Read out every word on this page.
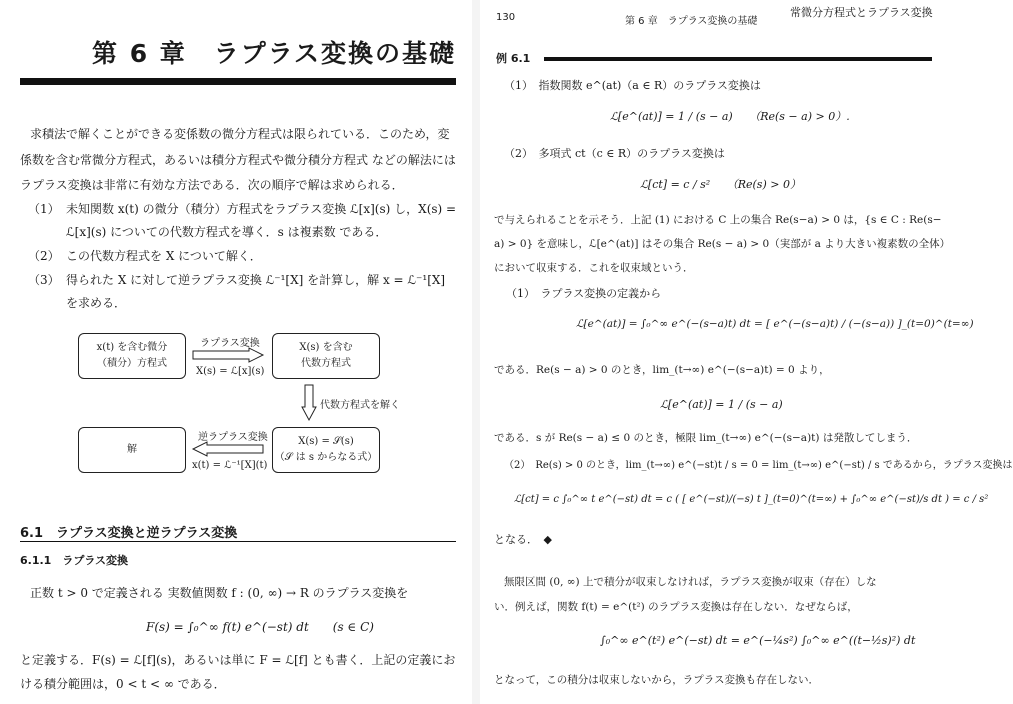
第 6 章　ラプラス変換の基礎
求積法で解くことができる変係数の微分方程式は限られている．このため，変
係数を含む常微分方程式，あるいは積分方程式や微分積分方程式 などの解法には
ラプラス変換は非常に有効な方法である．次の順序で解は求められる．
（1） 未知関数 x(t) の微分（積分）方程式をラプラス変換 ℒ[x](s) し，X(s) =
ℒ[x](s) についての代数方程式を導く．s は複素数 である．
（2） この代数方程式を X について解く．
（3） 得られた X に対して逆ラプラス変換 ℒ⁻¹[X] を計算し，解 x = ℒ⁻¹[X]
を求める．
x(t) を含む微分
（積分）方程式
X(s) を含む
代数方程式
解
X(s) = 𝒮(s)
（𝒮 は s からなる式）
ラプラス変換
X(s) = ℒ[x](s)
代数方程式を解く
逆ラプラス変換
x(t) = ℒ⁻¹[X](t)
6.1　ラプラス変換と逆ラプラス変換
6.1.1　ラプラス変換
正数 t > 0 で定義される 実数値関数 f : (0, ∞) → R のラプラス変換を
F(s) = ∫₀^∞ f(t) e^(−st) dt　　(s ∈ C)
と定義する．F(s) = ℒ[f](s)，あるいは単に F = ℒ[f] とも書く．上記の定義にお
ける積分範囲は，0 < t < ∞ である．
130	第 6 章　ラプラス変換の基礎
常微分方程式とラプラス変換
例 6.1
（1）　指数関数 e^(at)（a ∈ R）のラプラス変換は
ℒ[e^(at)] = 1 / (s − a)　　（Re(s − a) > 0）.
（2）　多項式 ct（c ∈ R）のラプラス変換は
ℒ[ct] = c / s²　　（Re(s) > 0）
で与えられることを示そう．上記 (1) における C 上の集合 Re(s−a) > 0 は，{s ∈ C : Re(s−
a) > 0} を意味し，ℒ[e^(at)] はその集合 Re(s − a) > 0（実部が a より大きい複素数の全体）
において収束する．これを収束域という．
（1）　ラプラス変換の定義から
ℒ[e^(at)] = ∫₀^∞ e^(−(s−a)t) dt = [ e^(−(s−a)t) / (−(s−a)) ]_(t=0)^(t=∞)
である．Re(s − a) > 0 のとき，lim_(t→∞) e^(−(s−a)t) = 0 より，
ℒ[e^(at)] = 1 / (s − a)
である．s が Re(s − a) ≤ 0 のとき，極限 lim_(t→∞) e^(−(s−a)t) は発散してしまう．
（2）　Re(s) > 0 のとき，lim_(t→∞) e^(−st)t / s = 0 = lim_(t→∞) e^(−st) / s であるから，ラプラス変換は
ℒ[ct] = c ∫₀^∞ t e^(−st) dt = c ( [ e^(−st)/(−s) t ]_(t=0)^(t=∞) + ∫₀^∞ e^(−st)/s dt ) = c / s²
となる．　◆
無限区間 (0, ∞) 上で積分が収束しなければ，ラプラス変換が収束（存在）しな
い．例えば，関数 f(t) = e^(t²) のラプラス変換は存在しない．なぜならば，
∫₀^∞ e^(t²) e^(−st) dt = e^(−¼s²) ∫₀^∞ e^((t−½s)²) dt
となって，この積分は収束しないから，ラプラス変換も存在しない．
